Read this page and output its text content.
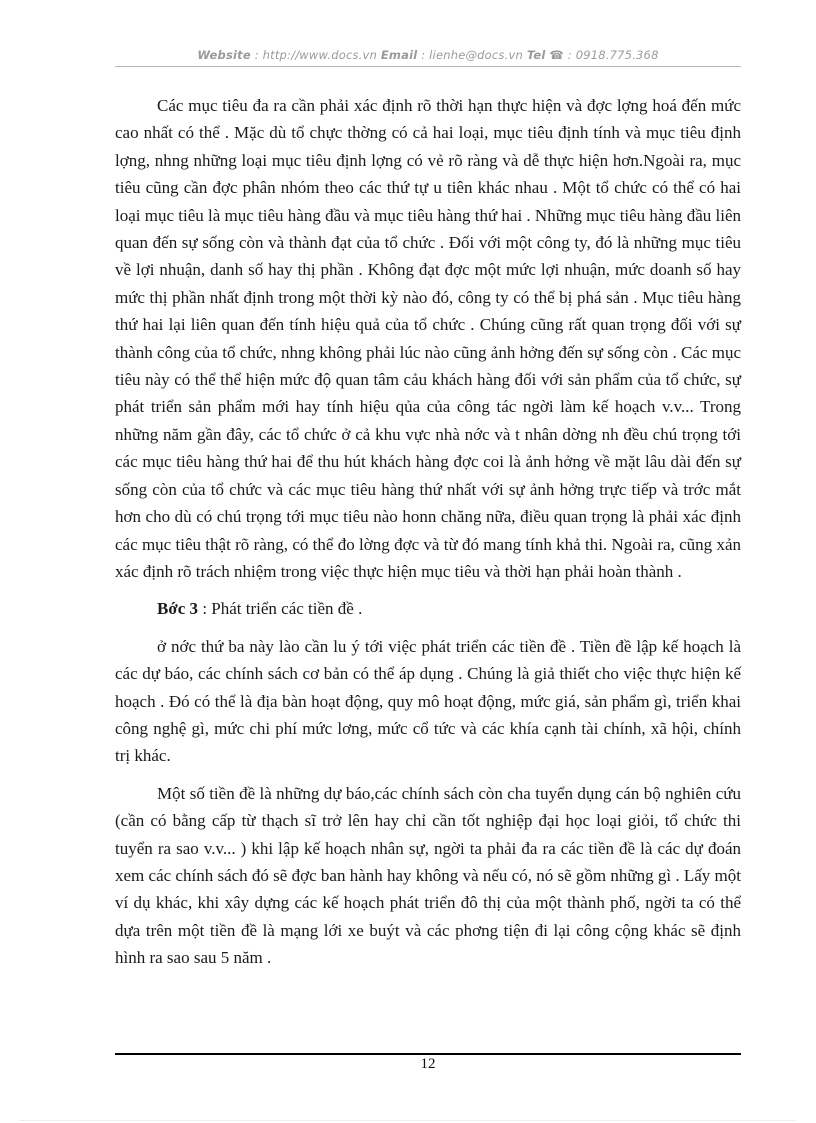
Website : http://www.docs.vn Email : lienhe@docs.vn Tel ☎ : 0918.775.368

Các mục tiêu đa ra cần phải xác định rõ thời hạn thực hiện và đợc lợng hoá đến mức cao nhất có thể . Mặc dù tổ chực thờng có cả hai loại, mục tiêu định tính và mục tiêu định lợng, nhng những loại mục tiêu định lợng có vẻ rõ ràng và dễ thực hiện hơn.Ngoài ra, mục tiêu cũng cần đợc phân nhóm theo các thứ tự u tiên khác nhau . Một tổ chức có thể có hai loại mục tiêu là mục tiêu hàng đầu và mục tiêu hàng thứ hai . Những mục tiêu hàng đầu liên quan đến sự sống còn và thành đạt của tổ chức . Đối với một công ty, đó là những mục tiêu về lợi nhuận, danh số hay thị phần . Không đạt đợc một mức lợi nhuận, mức doanh số hay mức thị phần nhất định trong một thời kỳ nào đó, công ty có thể bị phá sản . Mục tiêu hàng thứ hai lại liên quan đến tính hiệu quả của tổ chức . Chúng cũng rất quan trọng đối với sự thành công của tổ chức, nhng không phải lúc nào cũng ảnh hởng đến sự sống còn . Các mục tiêu này có thể thể hiện mức độ quan tâm cảu khách hàng đối với sản phẩm của tổ chức, sự phát triển sản phẩm mới hay tính hiệu qủa của công tác ngời làm kế hoạch v.v... Trong những năm gần đây, các tổ chức ở cả khu vực nhà nớc và t nhân dờng nh đều chú trọng tới các mục tiêu hàng thứ hai để thu hút khách hàng đợc coi là ảnh hởng về mặt lâu dài đến sự sống còn của tổ chức và các mục tiêu hàng thứ nhất với sự ảnh hởng trực tiếp và trớc mắt hơn cho dù có chú trọng tới mục tiêu nào honn chăng nữa, điều quan trọng là phải xác định các mục tiêu thật rõ ràng, có thể đo lờng đợc và từ đó mang tính khả thi. Ngoài ra, cũng xản xác định rõ trách nhiệm trong việc thực hiện mục tiêu và thời hạn phải hoàn thành .

Bớc 3 : Phát triển các tiền đề .

ở nớc thứ ba này lào cần lu ý tới việc phát triển các tiền đề . Tiền đề lập kế hoạch là các dự báo, các chính sách cơ bản có thể áp dụng . Chúng là giả thiết cho việc thực hiện kế hoạch . Đó có thể là địa bàn hoạt động, quy mô hoạt động, mức giá, sản phẩm gì, triển khai công nghệ gì, mức chi phí mức lơng, mức cổ tức và các khía cạnh tài chính, xã hội, chính trị khác.

Một số tiền đề là những dự báo,các chính sách còn cha tuyển dụng cán bộ nghiên cứu (cần có bằng cấp từ thạch sĩ trở lên hay chỉ cần tốt nghiệp đại học loại giỏi, tổ chức thi tuyển ra sao v.v... ) khi lập kế hoạch nhân sự, ngời ta phải đa ra các tiền đề là các dự đoán xem các chính sách đó sẽ đợc ban hành hay không và nếu có, nó sẽ gồm những gì . Lấy một ví dụ khác, khi xây dựng các kế hoạch phát triển đô thị của một thành phố, ngời ta có thể dựa trên một tiền đề là mạng lới xe buýt và các phơng tiện đi lại công cộng khác sẽ định hình ra sao sau 5 năm .

12
